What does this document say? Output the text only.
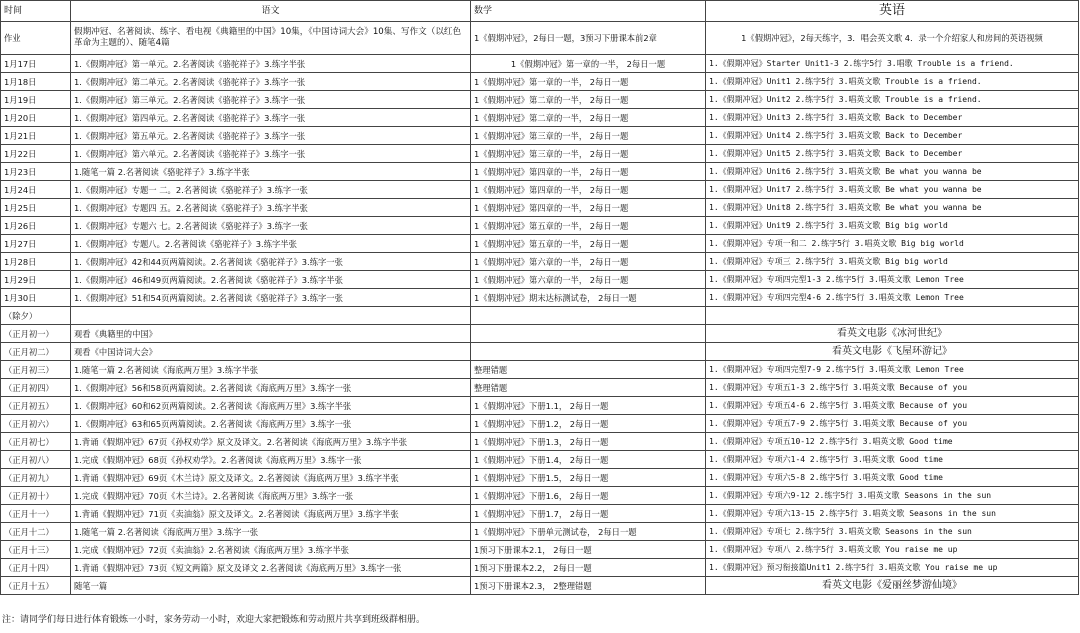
时间	语文	数学	英语
作业	假期冲冠、名著阅读、练字、看电视《典籍里的中国》10集，《中国诗词大会》10集、写作文（以红色革命为主题的）、随笔4篇	1《假期冲冠》，2每日一题，3预习下册课本前2章	1《假期冲冠》，2每天练字，3．唱会英文歌 4．录一个介绍家人和房间的英语视频
1月17日	1.《假期冲冠》第一单元。2.名著阅读《骆驼祥子》3.练字半张	1《假期冲冠》第一章的一半， 2每日一题	1.《假期冲冠》Starter Unit1-3 2.练字5行 3.唱歌 Trouble is a friend.
1月18日	1.《假期冲冠》第二单元。2.名著阅读《骆驼祥子》3.练字一张	1《假期冲冠》第一章的一半， 2每日一题	1.《假期冲冠》Unit1 2.练字5行 3.唱英文歌 Trouble is a friend.
1月19日	1.《假期冲冠》第三单元。2.名著阅读《骆驼祥子》3.练字一张	1《假期冲冠》第二章的一半， 2每日一题	1.《假期冲冠》Unit2 2.练字5行 3.唱英文歌 Trouble is a friend.
1月20日	1.《假期冲冠》第四单元。2.名著阅读《骆驼祥子》3.练字一张	1《假期冲冠》第二章的一半， 2每日一题	1.《假期冲冠》Unit3 2.练字5行 3.唱英文歌 Back to December
1月21日	1.《假期冲冠》第五单元。2.名著阅读《骆驼祥子》3.练字一张	1《假期冲冠》第三章的一半， 2每日一题	1.《假期冲冠》Unit4 2.练字5行 3.唱英文歌 Back to December
1月22日	1.《假期冲冠》第六单元。2.名著阅读《骆驼祥子》3.练字一张	1《假期冲冠》第三章的一半， 2每日一题	1.《假期冲冠》Unit5 2.练字5行 3.唱英文歌 Back to December
1月23日	1.随笔一篇 2.名著阅读《骆驼祥子》3.练字半张	1《假期冲冠》第四章的一半， 2每日一题	1.《假期冲冠》Unit6 2.练字5行 3.唱英文歌 Be what you wanna be
1月24日	1.《假期冲冠》专题一 二。2.名著阅读《骆驼祥子》3.练字一张	1《假期冲冠》第四章的一半， 2每日一题	1.《假期冲冠》Unit7 2.练字5行 3.唱英文歌 Be what you wanna be
1月25日	1.《假期冲冠》专题四 五。2.名著阅读《骆驼祥子》3.练字半张	1《假期冲冠》第四章的一半， 2每日一题	1.《假期冲冠》Unit8 2.练字5行 3.唱英文歌 Be what you wanna be
1月26日	1.《假期冲冠》专题六 七。2.名著阅读《骆驼祥子》3.练字一张	1《假期冲冠》第五章的一半， 2每日一题	1.《假期冲冠》Unit9 2.练字5行 3.唱英文歌 Big big world
1月27日	1.《假期冲冠》专题八。2.名著阅读《骆驼祥子》3.练字半张	1《假期冲冠》第五章的一半， 2每日一题	1.《假期冲冠》专项一和二 2.练字5行 3.唱英文歌 Big big world
1月28日	1.《假期冲冠》42和44页两篇阅读。2.名著阅读《骆驼祥子》3.练字一张	1《假期冲冠》第六章的一半， 2每日一题	1.《假期冲冠》专项三 2.练字5行 3.唱英文歌 Big big world
1月29日	1.《假期冲冠》46和49页两篇阅读。2.名著阅读《骆驼祥子》3.练字半张	1《假期冲冠》第六章的一半， 2每日一题	1.《假期冲冠》专项四完型1-3 2.练字5行 3.唱英文歌 Lemon Tree
1月30日	1.《假期冲冠》51和54页两篇阅读。2.名著阅读《骆驼祥子》3.练字一张	1《假期冲冠》期末达标测试卷， 2每日一题	1.《假期冲冠》专项四完型4-6 2.练字5行 3.唱英文歌 Lemon Tree
（除夕）			
（正月初一）	观看《典籍里的中国》		看英文电影《冰河世纪》
（正月初二）	观看《中国诗词大会》		看英文电影《飞屋环游记》
（正月初三）	1.随笔一篇 2.名著阅读《海底两万里》3.练字半张	整理错题	1.《假期冲冠》专项四完型7-9 2.练字5行 3.唱英文歌 Lemon Tree
（正月初四）	1.《假期冲冠》56和58页两篇阅读。2.名著阅读《海底两万里》3.练字一张	整理错题	1.《假期冲冠》专项五1-3 2.练字5行 3.唱英文歌 Because of you
（正月初五）	1.《假期冲冠》60和62页两篇阅读。2.名著阅读《海底两万里》3.练字半张	1《假期冲冠》下册1.1， 2每日一题	1.《假期冲冠》专项五4-6 2.练字5行 3.唱英文歌 Because of you
（正月初六）	1.《假期冲冠》63和65页两篇阅读。2.名著阅读《海底两万里》3.练字一张	1《假期冲冠》下册1.2， 2每日一题	1.《假期冲冠》专项五7-9 2.练字5行 3.唱英文歌 Because of you
（正月初七）	1.背诵《假期冲冠》67页《孙权劝学》原文及译文。2.名著阅读《海底两万里》3.练字半张	1《假期冲冠》下册1.3， 2每日一题	1.《假期冲冠》专项五10-12 2.练字5行 3.唱英文歌 Good time
（正月初八）	1.完成《假期冲冠》68页《孙权劝学》。2.名著阅读《海底两万里》3.练字一张	1《假期冲冠》下册1.4， 2每日一题	1.《假期冲冠》专项六1-4 2.练字5行 3.唱英文歌 Good time
（正月初九）	1.背诵《假期冲冠》69页《木兰诗》原文及译文。2.名著阅读《海底两万里》3.练字半张	1《假期冲冠》下册1.5， 2每日一题	1.《假期冲冠》专项六5-8 2.练字5行 3.唱英文歌 Good time
（正月初十）	1.完成《假期冲冠》70页《木兰诗》。2.名著阅读《海底两万里》3.练字一张	1《假期冲冠》下册1.6， 2每日一题	1.《假期冲冠》专项六9-12 2.练字5行 3.唱英文歌 Seasons in the sun
（正月十一）	1.背诵《假期冲冠》71页《卖油翁》原文及译文。2.名著阅读《海底两万里》3.练字半张	1《假期冲冠》下册1.7， 2每日一题	1.《假期冲冠》专项六13-15 2.练字5行 3.唱英文歌 Seasons in the sun
（正月十二）	1.随笔一篇 2.名著阅读《海底两万里》3.练字一张	1《假期冲冠》下册单元测试卷， 2每日一题	1.《假期冲冠》专项七 2.练字5行 3.唱英文歌 Seasons in the sun
（正月十三）	1.完成《假期冲冠》72页《卖油翁》2.名著阅读《海底两万里》3.练字半张	1预习下册课本2.1， 2每日一题	1.《假期冲冠》专项八 2.练字5行 3.唱英文歌 You raise me up
（正月十四）	1.背诵《假期冲冠》73页《短文两篇》原文及译文 2.名著阅读《海底两万里》3.练字一张	1预习下册课本2.2， 2每日一题	1.《假期冲冠》预习衔接篇Unit1 2.练字5行 3.唱英文歌 You raise me up
（正月十五）	随笔一篇	1预习下册课本2.3， 2整理错题	看英文电影《爱丽丝梦游仙境》
注：请同学们每日进行体育锻炼一小时，家务劳动一小时，欢迎大家把锻炼和劳动照片共享到班级群相册。
